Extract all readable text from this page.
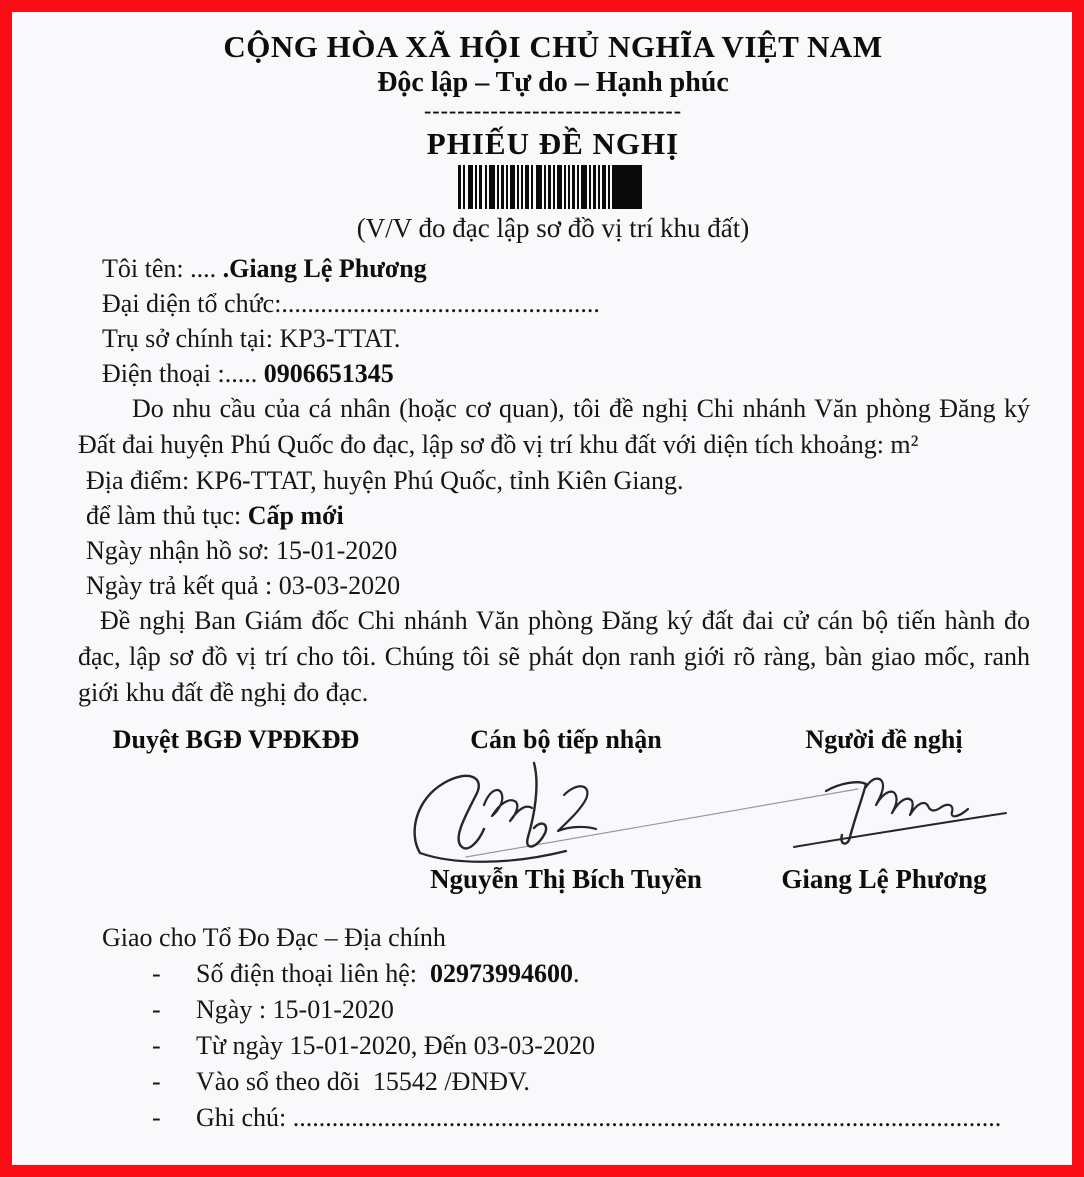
CỘNG HÒA XÃ HỘI CHỦ NGHĨA VIỆT NAM
Độc lập – Tự do – Hạnh phúc
-------------------------------
PHIẾU ĐỀ NGHỊ
(V/V đo đạc lập sơ đồ vị trí khu đất)
Tôi tên: .... .Giang Lệ Phương
Đại diện tổ chức:.................................................
Trụ sở chính tại: KP3-TTAT.
Điện thoại :..... 0906651345
Do nhu cầu của cá nhân (hoặc cơ quan), tôi đề nghị Chi nhánh Văn phòng Đăng ký Đất đai huyện Phú Quốc đo đạc, lập sơ đồ vị trí khu đất với diện tích khoảng: m²
Địa điểm: KP6-TTAT, huyện Phú Quốc, tỉnh Kiên Giang.
để làm thủ tục: Cấp mới
Ngày nhận hồ sơ: 15-01-2020
Ngày trả kết quả : 03-03-2020
Đề nghị Ban Giám đốc Chi nhánh Văn phòng Đăng ký đất đai cử cán bộ tiến hành đo đạc, lập sơ đồ vị trí cho tôi. Chúng tôi sẽ phát dọn ranh giới rõ ràng, bàn giao mốc, ranh giới khu đất đề nghị đo đạc.
Duyệt BGĐ VPĐKĐĐ	Cán bộ tiếp nhận	Người đề nghị
Nguyễn Thị Bích Tuyền	Giang Lệ Phương
Giao cho Tổ Đo Đạc – Địa chính
-	Số điện thoại liên hệ:  02973994600.
-	Ngày : 15-01-2020
-	Từ ngày 15-01-2020, Đến 03-03-2020
-	Vào sổ theo dõi  15542 /ĐNĐV.
-	Ghi chú: .............................................................................................................
